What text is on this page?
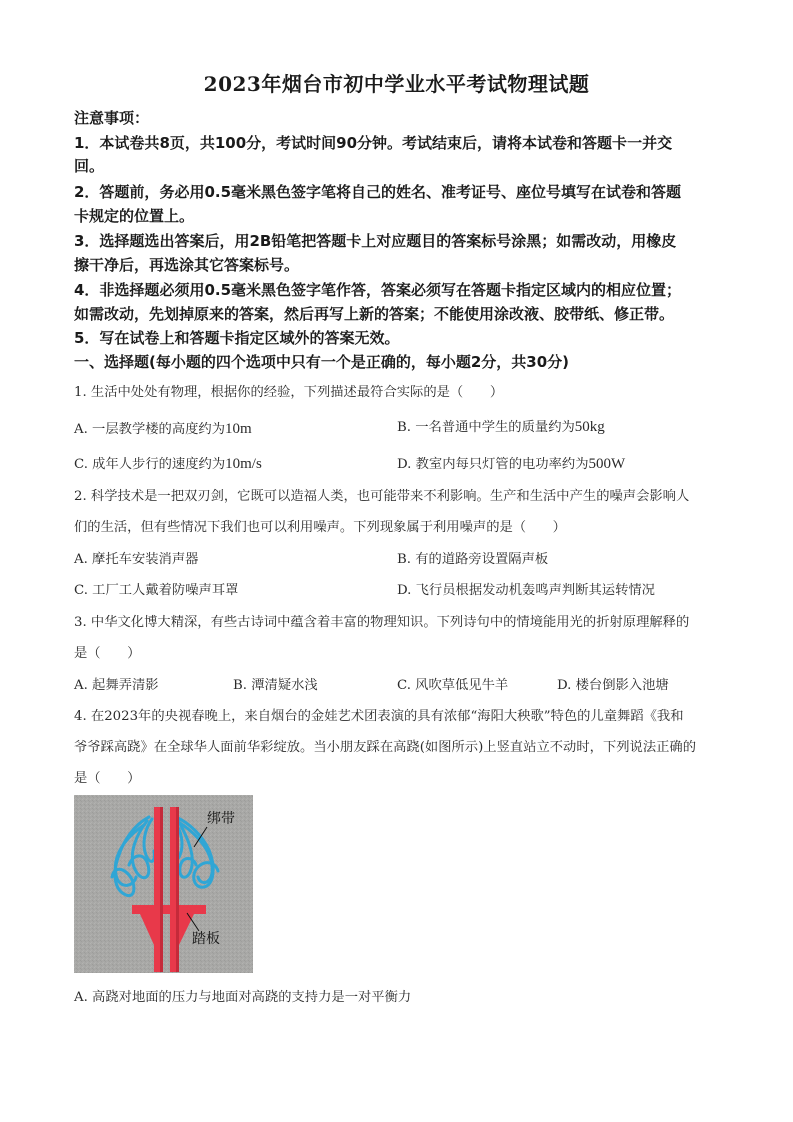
2023年烟台市初中学业水平考试物理试题
注意事项：
1．本试卷共8页，共100分，考试时间90分钟。考试结束后，请将本试卷和答题卡一并交
回。
2．答题前，务必用0.5毫米黑色签字笔将自己的姓名、准考证号、座位号填写在试卷和答题
卡规定的位置上。
3．选择题选出答案后，用2B铅笔把答题卡上对应题目的答案标号涂黑；如需改动，用橡皮
擦干净后，再选涂其它答案标号。
4．非选择题必须用0.5毫米黑色签字笔作答，答案必须写在答题卡指定区域内的相应位置；
如需改动，先划掉原来的答案，然后再写上新的答案；不能使用涂改液、胶带纸、修正带。
5．写在试卷上和答题卡指定区域外的答案无效。
一、选择题(每小题的四个选项中只有一个是正确的，每小题2分，共30分)
1. 生活中处处有物理，根据你的经验，下列描述最符合实际的是（　　）
A. 一层教学楼的高度约为10m	B. 一名普通中学生的质量约为50kg
C. 成年人步行的速度约为10m/s	D. 教室内每只灯管的电功率约为500W
2. 科学技术是一把双刃剑，它既可以造福人类，也可能带来不利影响。生产和生活中产生的噪声会影响人
们的生活，但有些情况下我们也可以利用噪声。下列现象属于利用噪声的是（　　）
A. 摩托车安装消声器	B. 有的道路旁设置隔声板
C. 工厂工人戴着防噪声耳罩	D. 飞行员根据发动机轰鸣声判断其运转情况
3. 中华文化博大精深，有些古诗词中蕴含着丰富的物理知识。下列诗句中的情境能用光的折射原理解释的
是（　　）
A. 起舞弄清影	B. 潭清疑水浅	C. 风吹草低见牛羊	D. 楼台倒影入池塘
4. 在2023年的央视春晚上，来自烟台的金娃艺术团表演的具有浓郁“海阳大秧歌”特色的儿童舞蹈《我和
爷爷踩高跷》在全球华人面前华彩绽放。当小朋友踩在高跷(如图所示)上竖直站立不动时，下列说法正确的
是（　　）
绑带
踏板
A. 高跷对地面的压力与地面对高跷的支持力是一对平衡力
